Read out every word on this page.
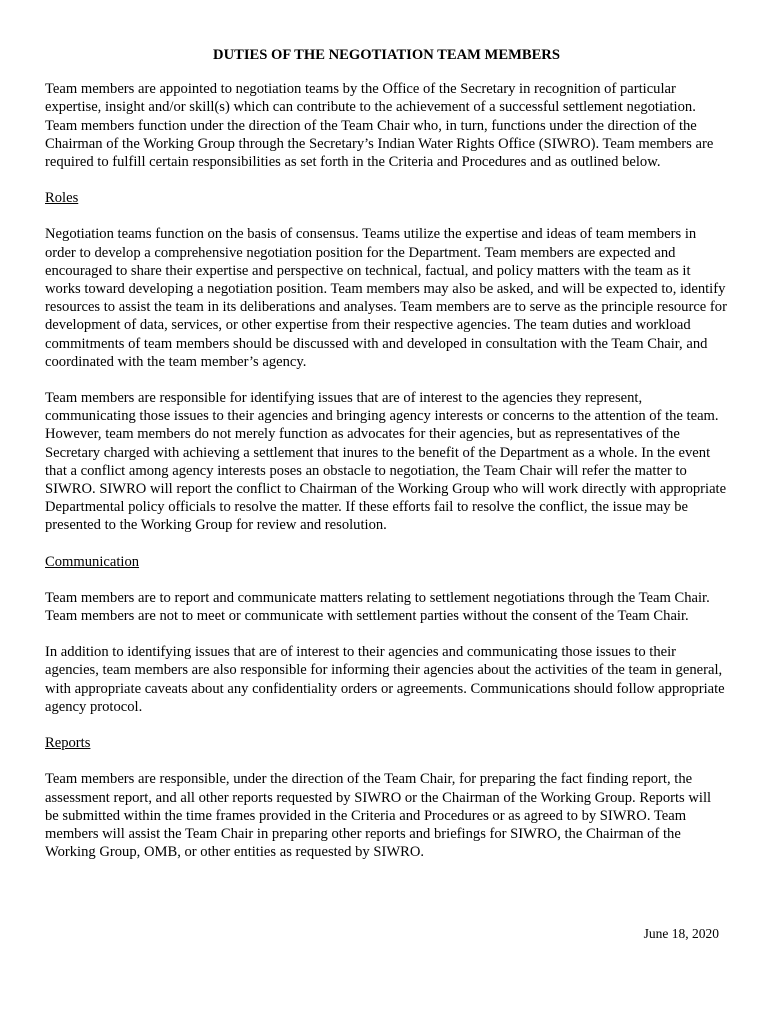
DUTIES OF THE NEGOTIATION TEAM MEMBERS

Team members are appointed to negotiation teams by the Office of the Secretary in recognition of particular expertise, insight and/or skill(s) which can contribute to the achievement of a successful settlement negotiation. Team members function under the direction of the Team Chair who, in turn, functions under the direction of the Chairman of the Working Group through the Secretary’s Indian Water Rights Office (SIWRO). Team members are required to fulfill certain responsibilities as set forth in the Criteria and Procedures and as outlined below.

Roles

Negotiation teams function on the basis of consensus. Teams utilize the expertise and ideas of team members in order to develop a comprehensive negotiation position for the Department. Team members are expected and encouraged to share their expertise and perspective on technical, factual, and policy matters with the team as it works toward developing a negotiation position. Team members may also be asked, and will be expected to, identify resources to assist the team in its deliberations and analyses. Team members are to serve as the principle resource for development of data, services, or other expertise from their respective agencies. The team duties and workload commitments of team members should be discussed with and developed in consultation with the Team Chair, and coordinated with the team member’s agency.

Team members are responsible for identifying issues that are of interest to the agencies they represent, communicating those issues to their agencies and bringing agency interests or concerns to the attention of the team. However, team members do not merely function as advocates for their agencies, but as representatives of the Secretary charged with achieving a settlement that inures to the benefit of the Department as a whole. In the event that a conflict among agency interests poses an obstacle to negotiation, the Team Chair will refer the matter to SIWRO. SIWRO will report the conflict to Chairman of the Working Group who will work directly with appropriate Departmental policy officials to resolve the matter. If these efforts fail to resolve the conflict, the issue may be presented to the Working Group for review and resolution.

Communication

Team members are to report and communicate matters relating to settlement negotiations through the Team Chair. Team members are not to meet or communicate with settlement parties without the consent of the Team Chair.

In addition to identifying issues that are of interest to their agencies and communicating those issues to their agencies, team members are also responsible for informing their agencies about the activities of the team in general, with appropriate caveats about any confidentiality orders or agreements. Communications should follow appropriate agency protocol.

Reports

Team members are responsible, under the direction of the Team Chair, for preparing the fact finding report, the assessment report, and all other reports requested by SIWRO or the Chairman of the Working Group. Reports will be submitted within the time frames provided in the Criteria and Procedures or as agreed to by SIWRO. Team members will assist the Team Chair in preparing other reports and briefings for SIWRO, the Chairman of the Working Group, OMB, or other entities as requested by SIWRO.

June 18, 2020
